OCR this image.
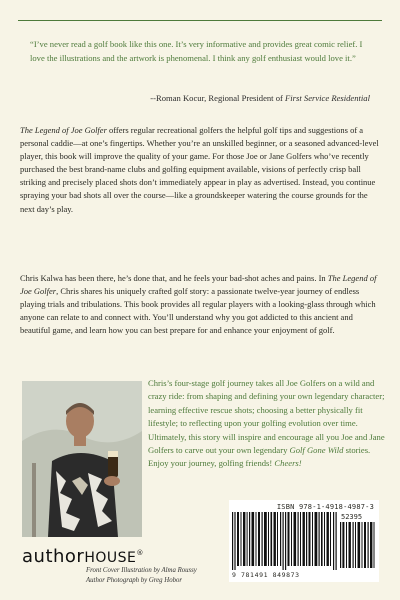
“I’ve never read a golf book like this one. It’s very informative and provides great comic relief. I love the illustrations and the artwork is phenomenal. I think any golf enthusiast would love it.”

--Roman Kocur, Regional President of First Service Residential
The Legend of Joe Golfer offers regular recreational golfers the helpful golf tips and suggestions of a personal caddie—at one’s fingertips. Whether you’re an unskilled beginner, or a seasoned advanced-level player, this book will improve the quality of your game. For those Joe or Jane Golfers who’ve recently purchased the best brand-name clubs and golfing equipment available, visions of perfectly crisp ball striking and precisely placed shots don’t immediately appear in play as advertised. Instead, you continue spraying your bad shots all over the course—like a groundskeeper watering the course grounds for the next day’s play.
Chris Kalwa has been there, he’s done that, and he feels your bad-shot aches and pains. In The Legend of Joe Golfer, Chris shares his uniquely crafted golf story: a passionate twelve-year journey of endless playing trials and tribulations. This book provides all regular players with a looking-glass through which anyone can relate to and connect with. You’ll understand why you got addicted to this ancient and beautiful game, and learn how you can best prepare for and enhance your enjoyment of golf.
Chris’s four-stage golf journey takes all Joe Golfers on a wild and crazy ride: from shaping and defining your own legendary character; learning effective rescue shots; choosing a better physically fit lifestyle; to reflecting upon your golfing evolution over time. Ultimately, this story will inspire and encourage all you Joe and Jane Golfers to carve out your own legendary Golf Gone Wild stories. Enjoy your journey, golfing friends! Cheers!
ISBN 978-1-4918-4987-3
52395
9 781491 849873
authorHOUSE®
Front Cover Illustration by Alma Roussy
Author Photograph by Greg Hobor
